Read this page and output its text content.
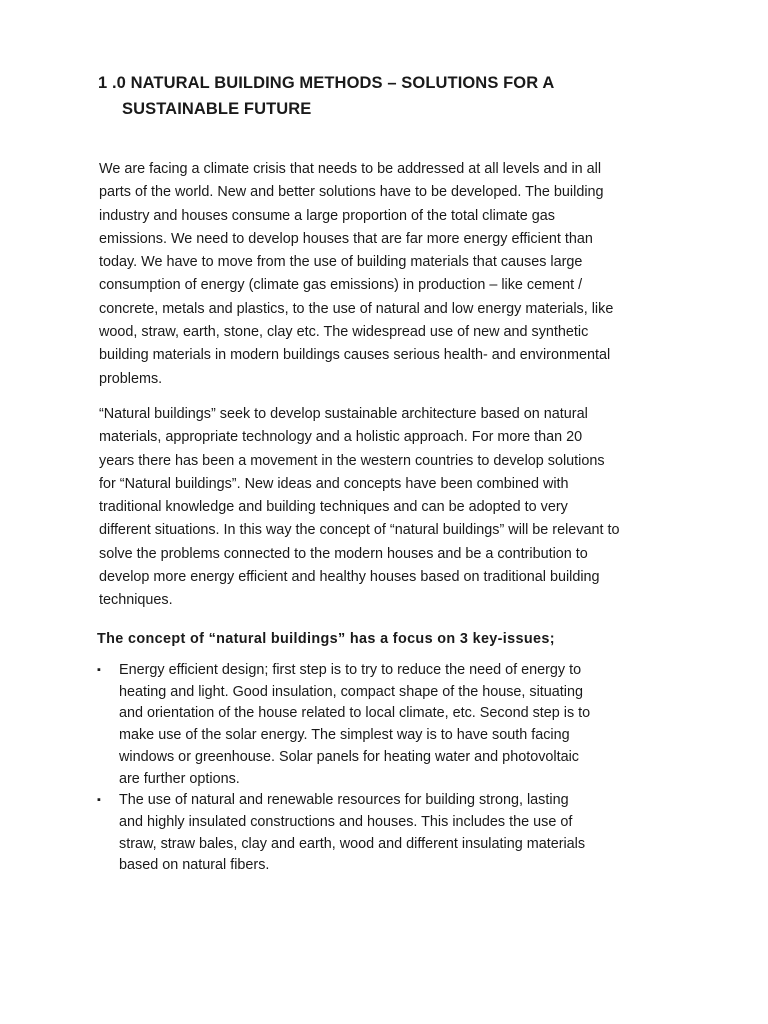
1 .0 NATURAL BUILDING METHODS – SOLUTIONS FOR A
SUSTAINABLE FUTURE
We are facing a climate crisis that needs to be addressed at all levels and in all
parts of the world. New and better solutions have to be developed. The building
industry and houses consume a large proportion of the total climate gas
emissions. We need to develop houses that are far more energy efficient than
today. We have to move from the use of building materials that causes large
consumption of energy (climate gas emissions) in production – like cement /
concrete, metals and plastics, to the use of natural and low energy materials, like
wood, straw, earth, stone, clay etc. The widespread use of new and synthetic
building materials in modern buildings causes serious health- and environmental
problems.
“Natural buildings” seek to develop sustainable architecture based on natural
materials, appropriate technology and a holistic approach. For more than 20
years there has been a movement in the western countries to develop solutions
for “Natural buildings”. New ideas and concepts have been combined with
traditional knowledge and building techniques and can be adopted to very
different situations. In this way the concept of “natural buildings” will be relevant to
solve the problems connected to the modern houses and be a contribution to
develop more energy efficient and healthy houses based on traditional building
techniques.
The concept of “natural buildings” has a focus on 3 key-issues;
▪ Energy efficient design; first step is to try to reduce the need of energy to
heating and light. Good insulation, compact shape of the house, situating
and orientation of the house related to local climate, etc. Second step is to
make use of the solar energy. The simplest way is to have south facing
windows or greenhouse. Solar panels for heating water and photovoltaic
are further options.
▪ The use of natural and renewable resources for building strong, lasting
and highly insulated constructions and houses. This includes the use of
straw, straw bales, clay and earth, wood and different insulating materials
based on natural fibers.
